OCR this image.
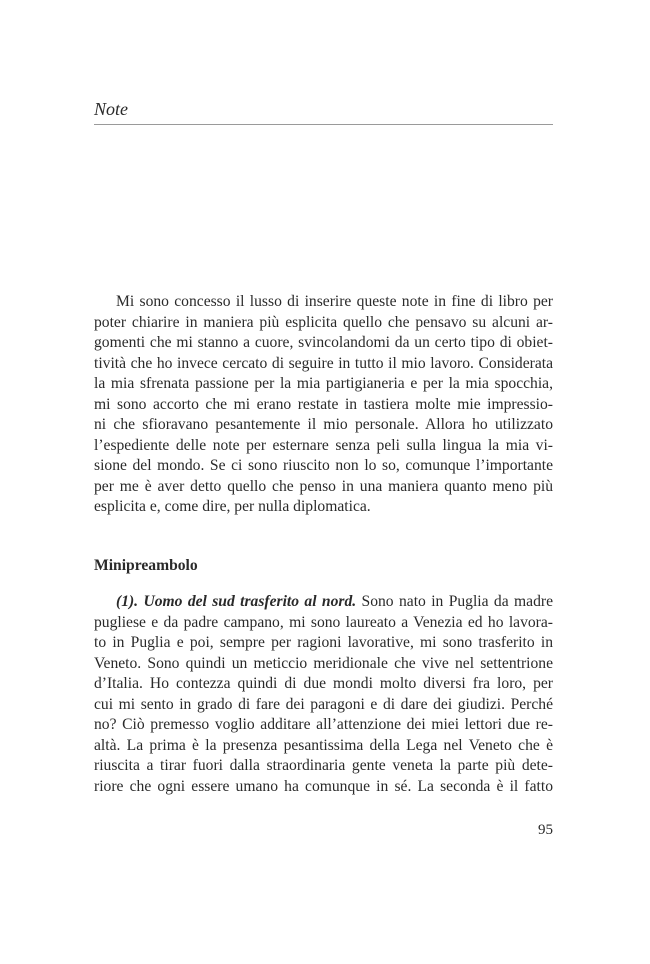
Note
Mi sono concesso il lusso di inserire queste note in fine di libro per
poter chiarire in maniera più esplicita quello che pensavo su alcuni ar-
gomenti che mi stanno a cuore, svincolandomi da un certo tipo di obiet-
tività che ho invece cercato di seguire in tutto il mio lavoro. Considerata
la mia sfrenata passione per la mia partigianeria e per la mia spocchia,
mi sono accorto che mi erano restate in tastiera molte mie impressio-
ni che sfioravano pesantemente il mio personale. Allora ho utilizzato
l’espediente delle note per esternare senza peli sulla lingua la mia vi-
sione del mondo. Se ci sono riuscito non lo so, comunque l’importante
per me è aver detto quello che penso in una maniera quanto meno più
esplicita e, come dire, per nulla diplomatica.
Minipreambolo
(1). Uomo del sud trasferito al nord. Sono nato in Puglia da madre
pugliese e da padre campano, mi sono laureato a Venezia ed ho lavora-
to in Puglia e poi, sempre per ragioni lavorative, mi sono trasferito in
Veneto. Sono quindi un meticcio meridionale che vive nel settentrione
d’Italia. Ho contezza quindi di due mondi molto diversi fra loro, per
cui mi sento in grado di fare dei paragoni e di dare dei giudizi. Perché
no? Ciò premesso voglio additare all’attenzione dei miei lettori due re-
altà. La prima è la presenza pesantissima della Lega nel Veneto che è
riuscita a tirar fuori dalla straordinaria gente veneta la parte più dete-
riore che ogni essere umano ha comunque in sé. La seconda è il fatto
95
